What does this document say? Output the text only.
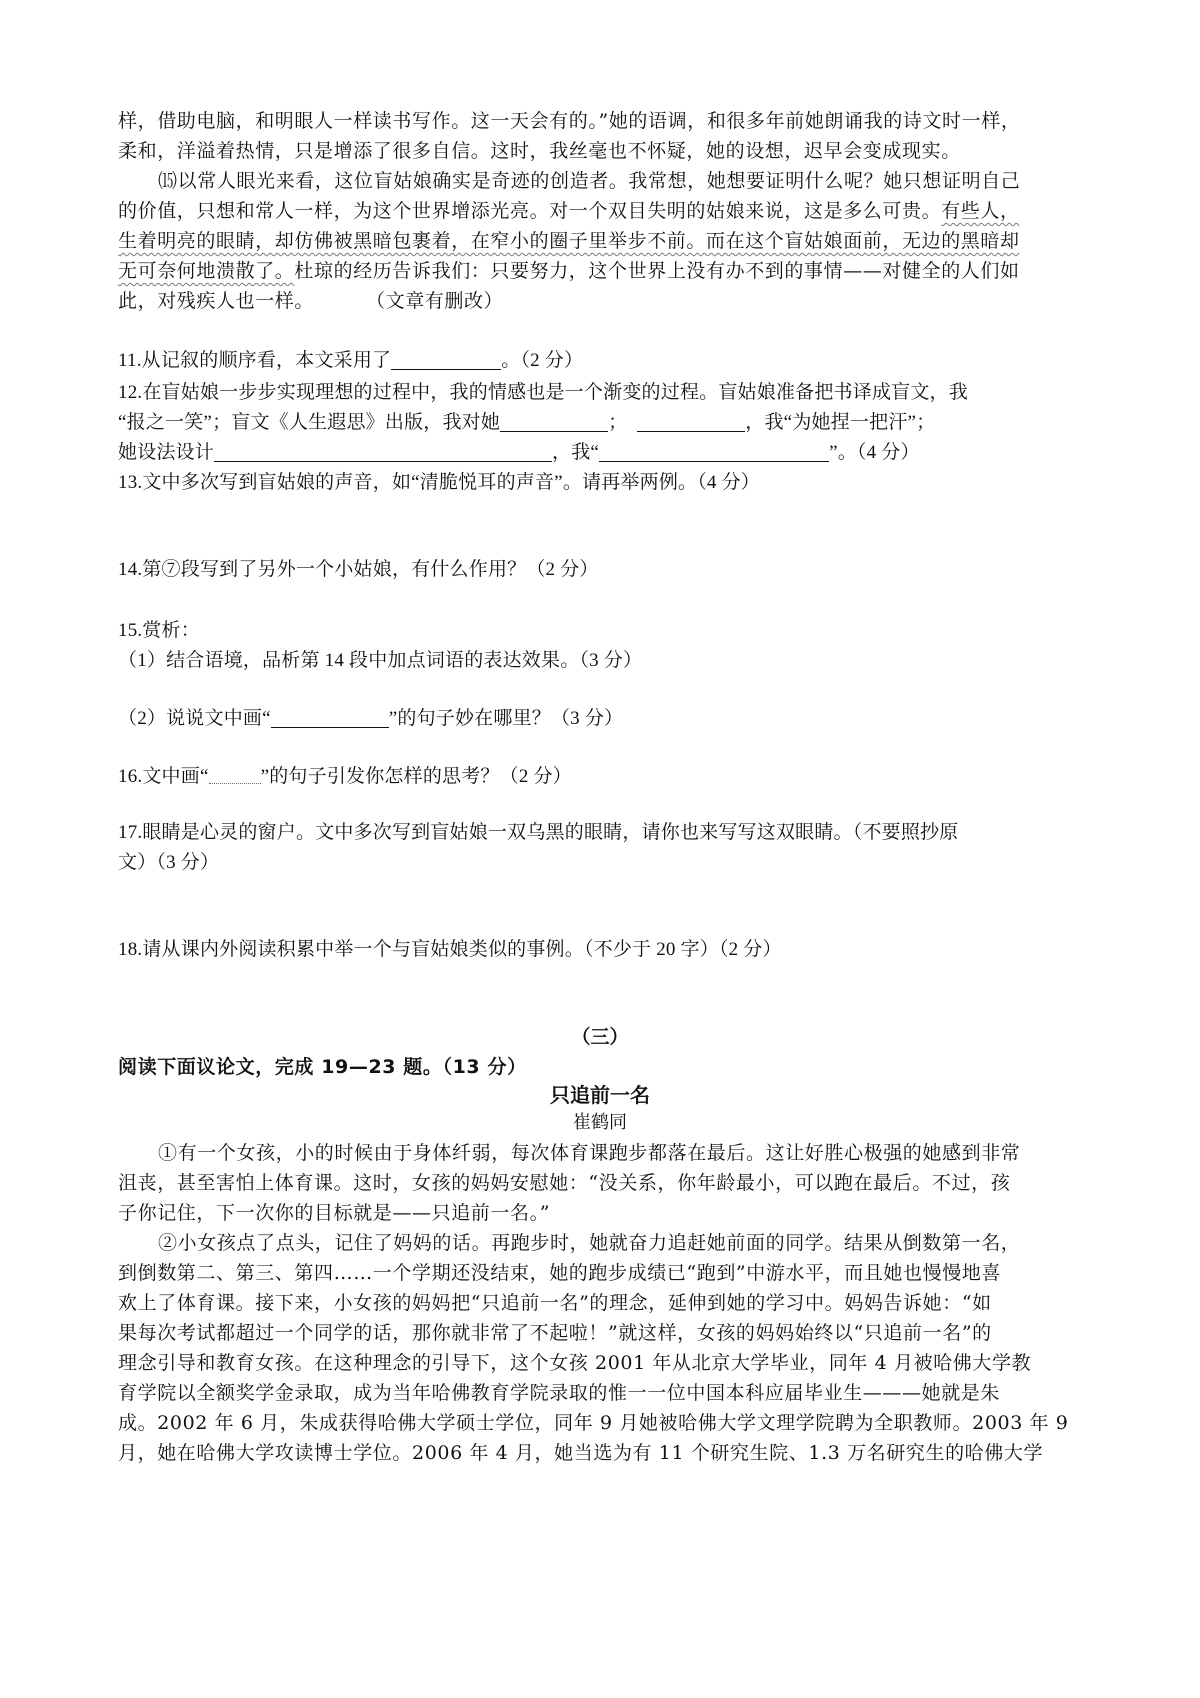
样，借助电脑，和明眼人一样读书写作。这一天会有的。”她的语调，和很多年前她朗诵我的诗文时一样，
柔和，洋溢着热情，只是增添了很多自信。这时，我丝毫也不怀疑，她的设想，迟早会变成现实。
⒂以常人眼光来看，这位盲姑娘确实是奇迹的创造者。我常想，她想要证明什么呢？她只想证明自己
的价值，只想和常人一样，为这个世界增添光亮。对一个双目失明的姑娘来说，这是多么可贵。有些人，
生着明亮的眼睛，却仿佛被黑暗包裹着，在窄小的圈子里举步不前。而在这个盲姑娘面前，无边的黑暗却
无可奈何地溃散了。杜琼的经历告诉我们：只要努力，这个世界上没有办不到的事情——对健全的人们如
此，对残疾人也一样。	（文章有删改）
11.从记叙的顺序看，本文采用了	。（2 分）
12.在盲姑娘一步步实现理想的过程中，我的情感也是一个渐变的过程。盲姑娘准备把书译成盲文，我
“报之一笑”；盲文《人生遐思》出版，我对她	；	，我“为她捏一把汗”；
她设法设计	，我“	”。（4 分）
13.文中多次写到盲姑娘的声音，如“清脆悦耳的声音”。请再举两例。（4 分）
14.第⑦段写到了另外一个小姑娘，有什么作用？（2 分）
15.赏析：
（1）结合语境，品析第 14 段中加点词语的表达效果。（3 分）
（2）说说文中画“	”的句子妙在哪里？（3 分）
16.文中画“	”的句子引发你怎样的思考？（2 分）
17.眼睛是心灵的窗户。文中多次写到盲姑娘一双乌黑的眼睛，请你也来写写这双眼睛。（不要照抄原
文）（3 分）
18.请从课内外阅读积累中举一个与盲姑娘类似的事例。（不少于 20 字）（2 分）
（三）
阅读下面议论文，完成 19—23 题。（13 分）
只追前一名
崔鹤同
①有一个女孩，小的时候由于身体纤弱，每次体育课跑步都落在最后。这让好胜心极强的她感到非常
沮丧，甚至害怕上体育课。这时，女孩的妈妈安慰她：“没关系，你年龄最小，可以跑在最后。不过，孩
子你记住，下一次你的目标就是——只追前一名。”
②小女孩点了点头，记住了妈妈的话。再跑步时，她就奋力追赶她前面的同学。结果从倒数第一名，
到倒数第二、第三、第四……一个学期还没结束，她的跑步成绩已“跑到”中游水平，而且她也慢慢地喜
欢上了体育课。接下来，小女孩的妈妈把“只追前一名”的理念，延伸到她的学习中。妈妈告诉她：“如
果每次考试都超过一个同学的话，那你就非常了不起啦！”就这样，女孩的妈妈始终以“只追前一名”的
理念引导和教育女孩。在这种理念的引导下，这个女孩 2001 年从北京大学毕业，同年 4 月被哈佛大学教
育学院以全额奖学金录取，成为当年哈佛教育学院录取的惟一一位中国本科应届毕业生———她就是朱
成。2002 年 6 月，朱成获得哈佛大学硕士学位，同年 9 月她被哈佛大学文理学院聘为全职教师。2003 年 9
月，她在哈佛大学攻读博士学位。2006 年 4 月，她当选为有 11 个研究生院、1.3 万名研究生的哈佛大学
